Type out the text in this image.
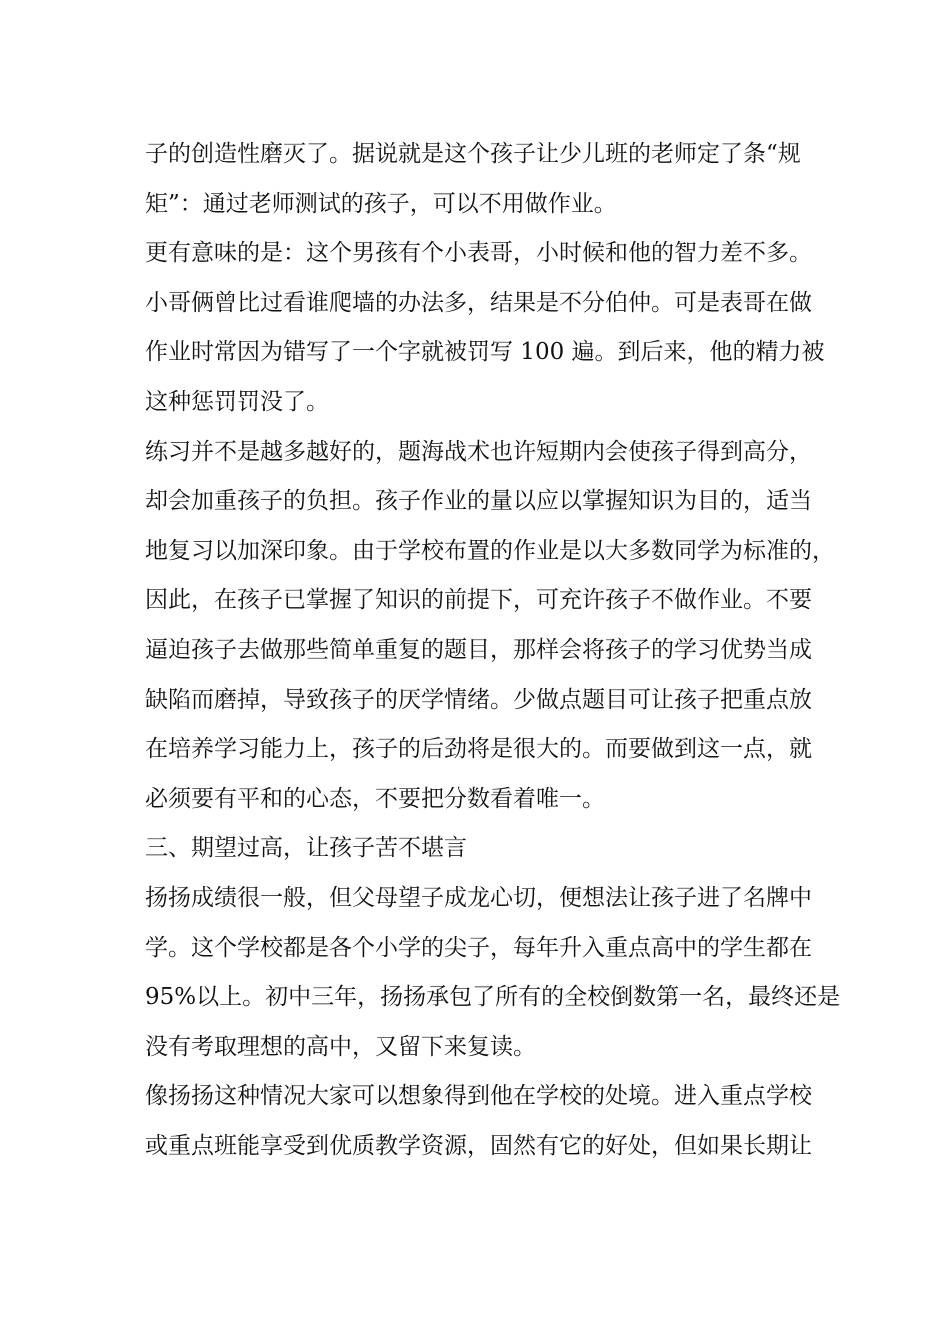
子的创造性磨灭了。据说就是这个孩子让少儿班的老师定了条“规
矩”：通过老师测试的孩子，可以不用做作业。
更有意味的是：这个男孩有个小表哥，小时候和他的智力差不多。
小哥俩曾比过看谁爬墙的办法多，结果是不分伯仲。可是表哥在做
作业时常因为错写了一个字就被罚写 100 遍。到后来，他的精力被
这种惩罚罚没了。
练习并不是越多越好的，题海战术也许短期内会使孩子得到高分，
却会加重孩子的负担。孩子作业的量以应以掌握知识为目的，适当
地复习以加深印象。由于学校布置的作业是以大多数同学为标准的，
因此，在孩子已掌握了知识的前提下，可充许孩子不做作业。不要
逼迫孩子去做那些简单重复的题目，那样会将孩子的学习优势当成
缺陷而磨掉，导致孩子的厌学情绪。少做点题目可让孩子把重点放
在培养学习能力上，孩子的后劲将是很大的。而要做到这一点，就
必须要有平和的心态，不要把分数看着唯一。
三、期望过高，让孩子苦不堪言
扬扬成绩很一般，但父母望子成龙心切，便想法让孩子进了名牌中
学。这个学校都是各个小学的尖子，每年升入重点高中的学生都在
95%以上。初中三年，扬扬承包了所有的全校倒数第一名，最终还是
没有考取理想的高中，又留下来复读。
像扬扬这种情况大家可以想象得到他在学校的处境。进入重点学校
或重点班能享受到优质教学资源，固然有它的好处，但如果长期让
